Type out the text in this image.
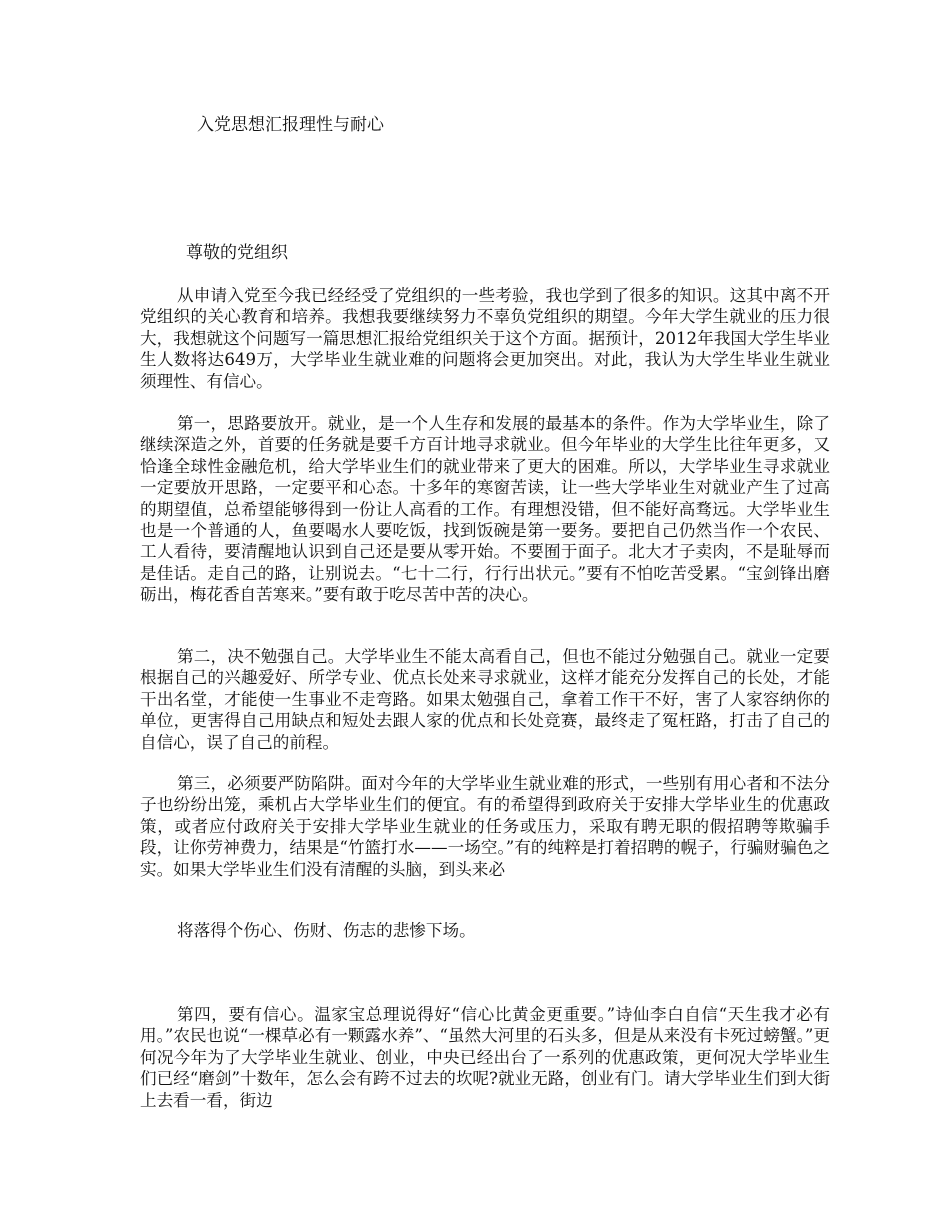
入党思想汇报理性与耐心
尊敬的党组织

从申请入党至今我已经经受了党组织的一些考验，我也学到了很多的知识。这其中离不开党组织的关心教育和培养。我想我要继续努力不辜负党组织的期望。今年大学生就业的压力很大，我想就这个问题写一篇思想汇报给党组织关于这个方面。据预计，2012年我国大学生毕业生人数将达649万，大学毕业生就业难的问题将会更加突出。对此，我认为大学生毕业生就业须理性、有信心。

第一，思路要放开。就业，是一个人生存和发展的最基本的条件。作为大学毕业生，除了继续深造之外，首要的任务就是要千方百计地寻求就业。但今年毕业的大学生比往年更多，又恰逢全球性金融危机，给大学毕业生们的就业带来了更大的困难。所以，大学毕业生寻求就业一定要放开思路，一定要平和心态。十多年的寒窗苦读，让一些大学毕业生对就业产生了过高的期望值，总希望能够得到一份让人高看的工作。有理想没错，但不能好高骛远。大学毕业生也是一个普通的人，鱼要喝水人要吃饭，找到饭碗是第一要务。要把自己仍然当作一个农民、工人看待，要清醒地认识到自己还是要从零开始。不要囿于面子。北大才子卖肉，不是耻辱而是佳话。走自己的路，让别说去。“七十二行，行行出状元。”要有不怕吃苦受累。“宝剑锋出磨砺出，梅花香自苦寒来。”要有敢于吃尽苦中苦的决心。

第二，决不勉强自己。大学毕业生不能太高看自己，但也不能过分勉强自己。就业一定要根据自己的兴趣爱好、所学专业、优点长处来寻求就业，这样才能充分发挥自己的长处，才能干出名堂，才能使一生事业不走弯路。如果太勉强自己，拿着工作干不好，害了人家容纳你的单位，更害得自己用缺点和短处去跟人家的优点和长处竞赛，最终走了冤枉路，打击了自己的自信心，误了自己的前程。

第三，必须要严防陷阱。面对今年的大学毕业生就业难的形式，一些别有用心者和不法分子也纷纷出笼，乘机占大学毕业生们的便宜。有的希望得到政府关于安排大学毕业生的优惠政策，或者应付政府关于安排大学毕业生就业的任务或压力，采取有聘无职的假招聘等欺骗手段，让你劳神费力，结果是“竹篮打水——一场空。”有的纯粹是打着招聘的幌子，行骗财骗色之实。如果大学毕业生们没有清醒的头脑，到头来必

将落得个伤心、伤财、伤志的悲惨下场。

第四，要有信心。温家宝总理说得好“信心比黄金更重要。”诗仙李白自信“天生我才必有用。”农民也说“一棵草必有一颗露水养”、“虽然大河里的石头多，但是从来没有卡死过螃蟹。”更何况今年为了大学毕业生就业、创业，中央已经出台了一系列的优惠政策，更何况大学毕业生们已经“磨剑”十数年，怎么会有跨不过去的坎呢?就业无路，创业有门。请大学毕业生们到大街上去看一看，街边
